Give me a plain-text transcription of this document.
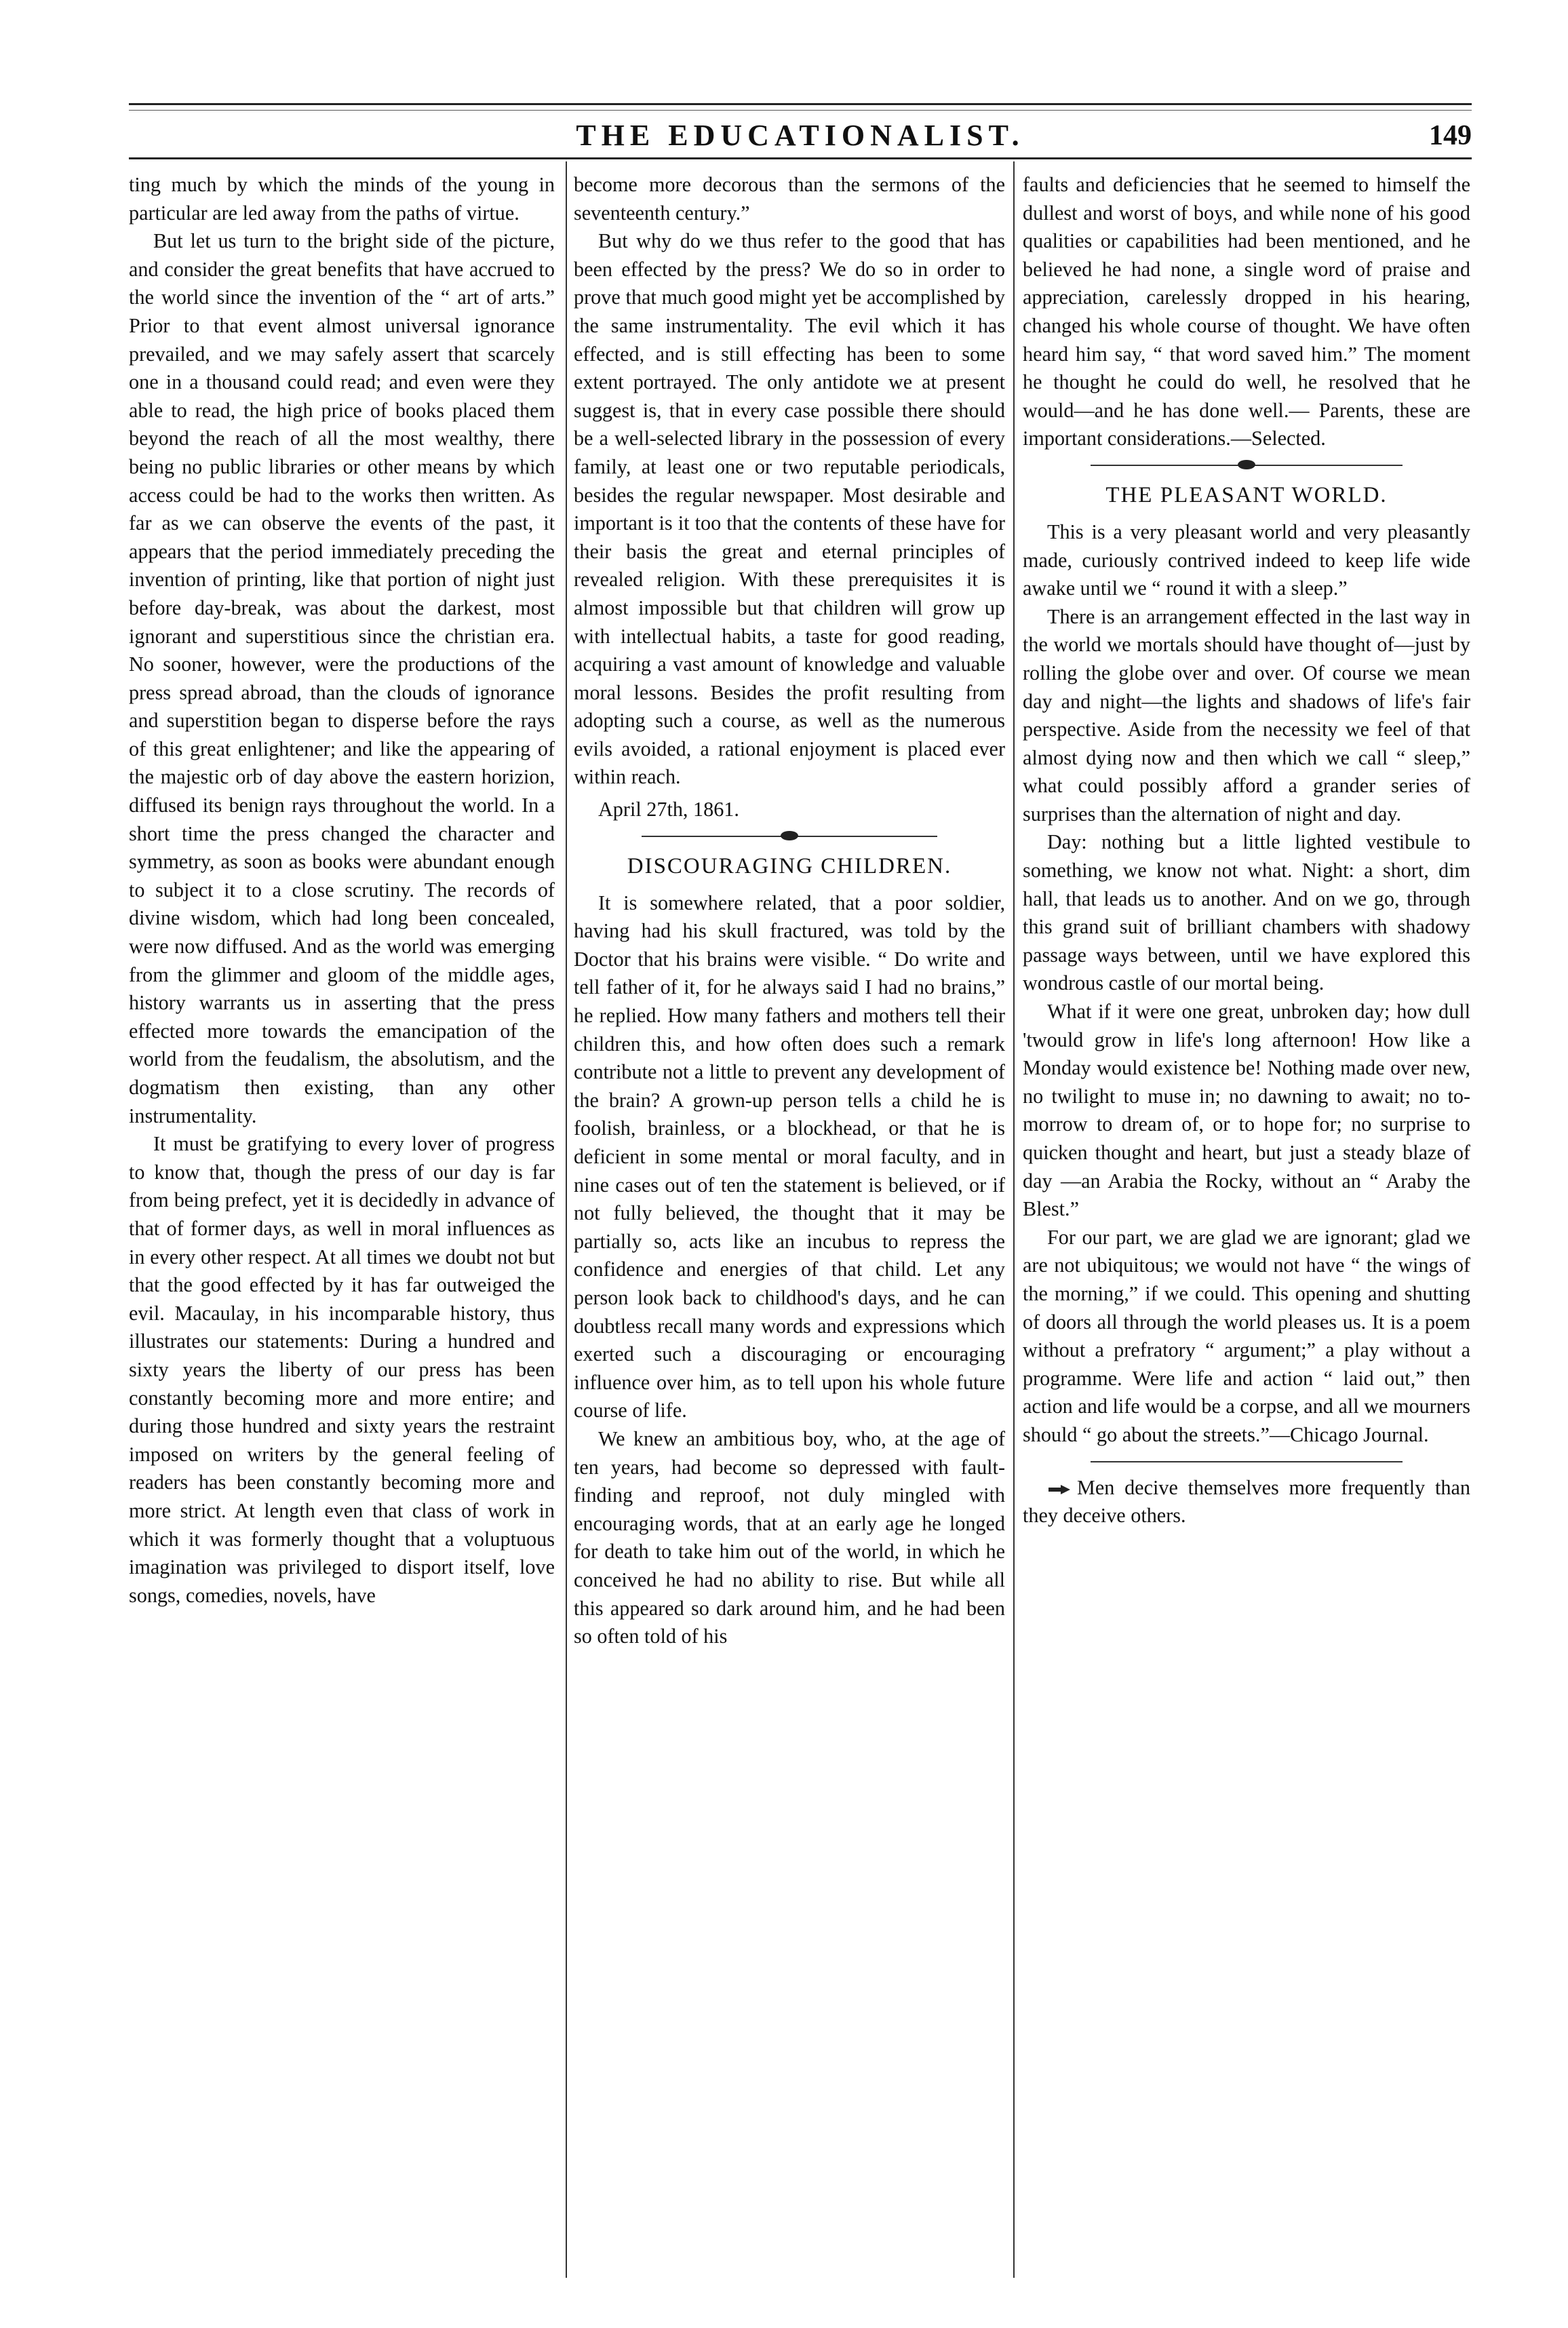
THE EDUCATIONALIST.	149

ting much by which the minds of the young in particular are led away from the paths of virtue.

But let us turn to the bright side of the picture, and consider the great benefits that have accrued to the world since the invention of the “ art of arts.” Prior to that event almost universal ignorance prevailed, and we may safely assert that scarcely one in a thousand could read; and even were they able to read, the high price of books placed them beyond the reach of all the most wealthy, there being no public libraries or other means by which access could be had to the works then written. As far as we can observe the events of the past, it appears that the period immediately preceding the invention of printing, like that portion of night just before day-break, was about the darkest, most ignorant and superstitious since the christian era. No sooner, however, were the productions of the press spread abroad, than the clouds of ignorance and superstition began to disperse before the rays of this great enlightener; and like the appearing of the majestic orb of day above the eastern horizion, diffused its benign rays throughout the world. In a short time the press changed the character and symmetry, as soon as books were abundant enough to subject it to a close scrutiny. The records of divine wisdom, which had long been concealed, were now diffused. And as the world was emerging from the glimmer and gloom of the middle ages, history warrants us in asserting that the press effected more towards the emancipation of the world from the feudalism, the absolutism, and the dogmatism then existing, than any other instrumentality.

It must be gratifying to every lover of progress to know that, though the press of our day is far from being prefect, yet it is decidedly in advance of that of former days, as well in moral influences as in every other respect. At all times we doubt not but that the good effected by it has far outweiged the evil. Macaulay, in his incomparable history, thus illustrates our statements: During a hundred and sixty years the liberty of our press has been constantly becoming more and more entire; and during those hundred and sixty years the restraint imposed on writers by the general feeling of readers has been constantly becoming more and more strict. At length even that class of work in which it was formerly thought that a voluptuous imagination was privileged to disport itself, love songs, comedies, novels, have

become more decorous than the sermons of the seventeenth century.”

But why do we thus refer to the good that has been effected by the press? We do so in order to prove that much good might yet be accomplished by the same instrumentality. The evil which it has effected, and is still effecting has been to some extent portrayed. The only antidote we at present suggest is, that in every case possible there should be a well-selected library in the possession of every family, at least one or two reputable periodicals, besides the regular newspaper. Most desirable and important is it too that the contents of these have for their basis the great and eternal principles of revealed religion. With these prerequisites it is almost impossible but that children will grow up with intellectual habits, a taste for good reading, acquiring a vast amount of knowledge and valuable moral lessons. Besides the profit resulting from adopting such a course, as well as the numerous evils avoided, a rational enjoyment is placed ever within reach.

April 27th, 1861.

DISCOURAGING CHILDREN.

It is somewhere related, that a poor soldier, having had his skull fractured, was told by the Doctor that his brains were visible. “ Do write and tell father of it, for he always said I had no brains,” he replied. How many fathers and mothers tell their children this, and how often does such a remark contribute not a little to prevent any development of the brain? A grown-up person tells a child he is foolish, brainless, or a blockhead, or that he is deficient in some mental or moral faculty, and in nine cases out of ten the statement is believed, or if not fully believed, the thought that it may be partially so, acts like an incubus to repress the confidence and energies of that child. Let any person look back to childhood's days, and he can doubtless recall many words and expressions which exerted such a discouraging or encouraging influence over him, as to tell upon his whole future course of life.

We knew an ambitious boy, who, at the age of ten years, had become so depressed with fault-finding and reproof, not duly mingled with encouraging words, that at an early age he longed for death to take him out of the world, in which he conceived he had no ability to rise. But while all this appeared so dark around him, and he had been so often told of his

faults and deficiencies that he seemed to himself the dullest and worst of boys, and while none of his good qualities or capabilities had been mentioned, and he believed he had none, a single word of praise and appreciation, carelessly dropped in his hearing, changed his whole course of thought. We have often heard him say, “ that word saved him.” The moment he thought he could do well, he resolved that he would—and he has done well.— Parents, these are important considerations.—Selected.

THE PLEASANT WORLD.

This is a very pleasant world and very pleasantly made, curiously contrived indeed to keep life wide awake until we “ round it with a sleep.”

There is an arrangement effected in the last way in the world we mortals should have thought of—just by rolling the globe over and over. Of course we mean day and night—the lights and shadows of life's fair perspective. Aside from the necessity we feel of that almost dying now and then which we call “ sleep,” what could possibly afford a grander series of surprises than the alternation of night and day.

Day: nothing but a little lighted vestibule to something, we know not what. Night: a short, dim hall, that leads us to another. And on we go, through this grand suit of brilliant chambers with shadowy passage ways between, until we have explored this wondrous castle of our mortal being.

What if it were one great, unbroken day; how dull 'twould grow in life's long afternoon! How like a Monday would existence be! Nothing made over new, no twilight to muse in; no dawning to await; no to-morrow to dream of, or to hope for; no surprise to quicken thought and heart, but just a steady blaze of day —an Arabia the Rocky, without an “ Araby the Blest.”

For our part, we are glad we are ignorant; glad we are not ubiquitous; we would not have “ the wings of the morning,” if we could. This opening and shutting of doors all through the world pleases us. It is a poem without a prefratory “ argument;” a play without a programme. Were life and action “ laid out,” then action and life would be a corpse, and all we mourners should “ go about the streets.”—Chicago Journal.

Men decive themselves more frequently than they deceive others.
